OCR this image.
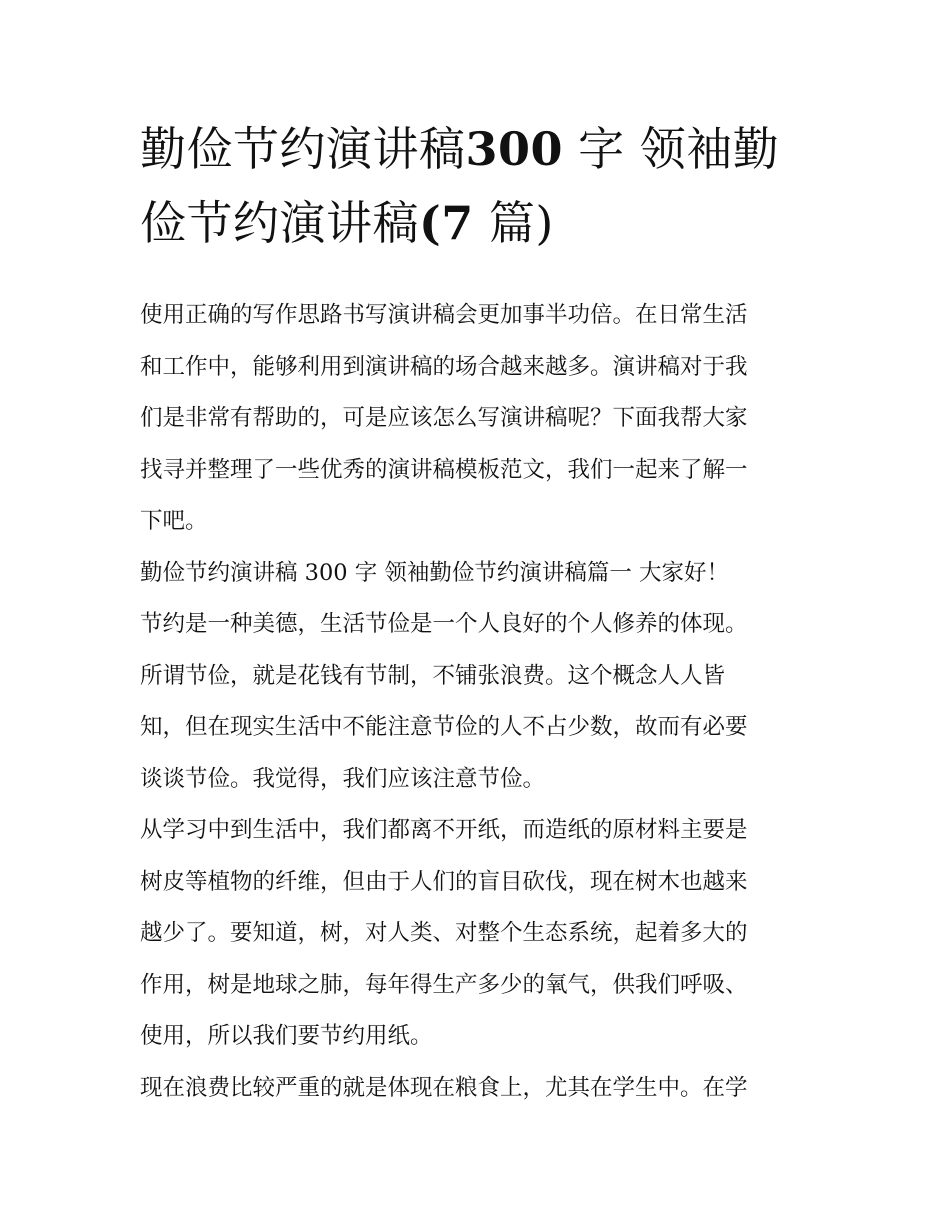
勤俭节约演讲稿300 字 领袖勤
俭节约演讲稿(7 篇)

使用正确的写作思路书写演讲稿会更加事半功倍。在日常生活
和工作中，能够利用到演讲稿的场合越来越多。演讲稿对于我
们是非常有帮助的，可是应该怎么写演讲稿呢？下面我帮大家
找寻并整理了一些优秀的演讲稿模板范文，我们一起来了解一
下吧。

勤俭节约演讲稿 300 字 领袖勤俭节约演讲稿篇一 大家好！

节约是一种美德，生活节俭是一个人良好的个人修养的体现。
所谓节俭，就是花钱有节制，不铺张浪费。这个概念人人皆
知，但在现实生活中不能注意节俭的人不占少数，故而有必要
谈谈节俭。我觉得，我们应该注意节俭。

从学习中到生活中，我们都离不开纸，而造纸的原材料主要是
树皮等植物的纤维，但由于人们的盲目砍伐，现在树木也越来
越少了。要知道，树，对人类、对整个生态系统，起着多大的
作用，树是地球之肺，每年得生产多少的氧气，供我们呼吸、
使用，所以我们要节约用纸。

现在浪费比较严重的就是体现在粮食上，尤其在学生中。在学
